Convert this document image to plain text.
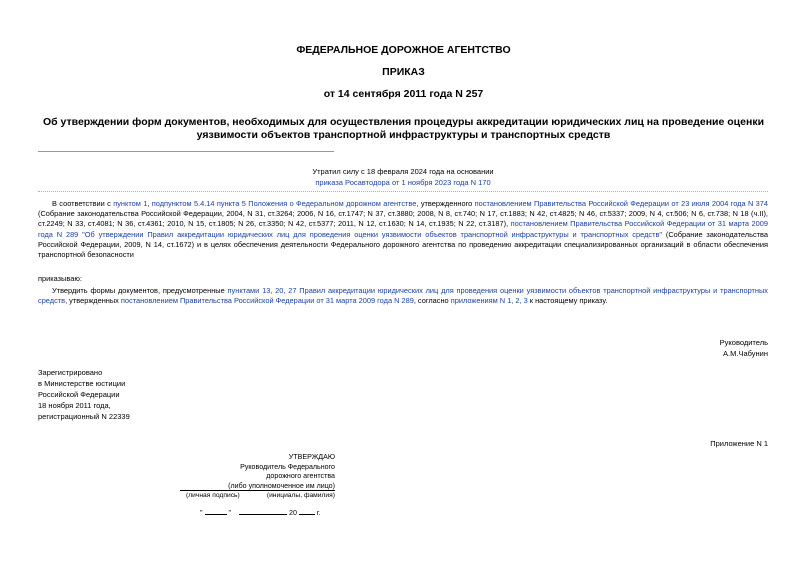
ФЕДЕРАЛЬНОЕ ДОРОЖНОЕ АГЕНТСТВО
ПРИКАЗ
от 14 сентября 2011 года N 257
Об утверждении форм документов, необходимых для осуществления процедуры аккредитации юридических лиц на проведение оценки уязвимости объектов транспортной инфраструктуры и транспортных средств
Утратил силу с 18 февраля 2024 года на основании
приказа Росавтодора от 1 ноября 2023 года N 170
В соответствии с пунктом 1, подпунктом 5.4.14 пункта 5 Положения о Федеральном дорожном агентстве, утвержденного постановлением Правительства Российской Федерации от 23 июля 2004 года N 374 (Собрание законодательства Российской Федерации, 2004, N 31, ст.3264; 2006, N 16, ст.1747; N 37, ст.3880; 2008, N 8, ст.740; N 17, ст.1883; N 42, ст.4825; N 46, ст.5337; 2009, N 4, ст.506; N 6, ст.738; N 18 (ч.II), ст.2249; N 33, ст.4081; N 36, ст.4361; 2010, N 15, ст.1805; N 26, ст.3350; N 42, ст.5377; 2011, N 12, ст.1630; N 14, ст.1935; N 22, ст.3187), постановлением Правительства Российской Федерации от 31 марта 2009 года N 289 "Об утверждении Правил аккредитации юридических лиц для проведения оценки уязвимости объектов транспортной инфраструктуры и транспортных средств" (Собрание законодательства Российской Федерации, 2009, N 14, ст.1672) и в целях обеспечения деятельности Федерального дорожного агентства по проведению аккредитации специализированных организаций в области обеспечения транспортной безопасности
приказываю:
Утвердить формы документов, предусмотренные пунктами 13, 20, 27 Правил аккредитации юридических лиц для проведения оценки уязвимости объектов транспортной инфраструктуры и транспортных средств, утвержденных постановлением Правительства Российской Федерации от 31 марта 2009 года N 289, согласно приложениям N 1, 2, 3 к настоящему приказу.
Руководитель
А.М.Чабунин
Зарегистрировано
в Министерстве юстиции
Российской Федерации
18 ноября 2011 года,
регистрационный N 22339
Приложение N 1
УТВЕРЖДАЮ
Руководитель Федерального
дорожного агентства
(либо уполномоченное им лицо)
(личная подпись)	(инициалы, фамилия)
"	"	20	г.
